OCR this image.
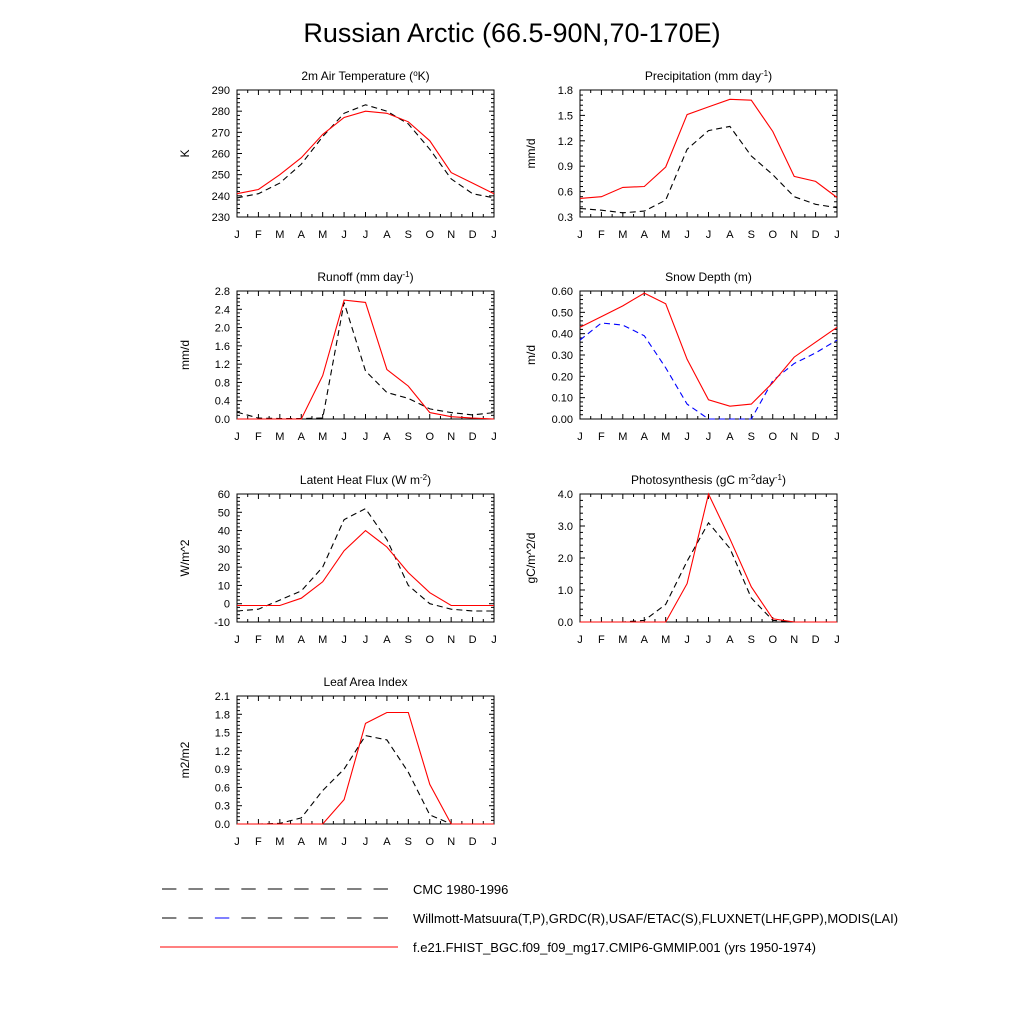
Russian Arctic (66.5-90N,70-170E)
2m Air Temperature ($^o$K)
J F M A M J J A S O N D J
290
280
270
260
250
240
230
K
Precipitation (mm day$^{-1}$)
J F M A M J J A S O N D J
1.8
1.5
1.2
0.9
0.6
0.3
mm/d
Runoff (mm day$^{-1}$)
J F M A M J J A S O N D J
2.8
2.4
2.0
1.6
1.2
0.8
0.4
0.0
mm/d
Snow Depth (m)
J F M A M J J A S O N D J
0.60
0.50
0.40
0.30
0.20
0.10
0.00
m/d
Latent Heat Flux (W $m^{-2}$)
J F M A M J J A S O N D J
60
50
40
30
20
10
0
-10
W/m^2
Photosynthesis (gC $m^{-2}day^{-1}$)
J F M A M J J A S O N D J
4.0
3.0
2.0
1.0
0.0
gC/m^2/d
Leaf Area Index
J F M A M J J A S O N D J
2.1
1.8
1.5
1.2
0.9
0.6
0.3
0.0
m2/m2
CMC 1980-1996
Willmott-Matsuura(T,P),GRDC(R),USAF/ETAC(S),FLUXNET(LHF,GPP),MODIS(LAI)
f.e21.FHIST_BGC.f09_f09_mg17.CMIP6-GMMIP.001 (yrs 1950-1974)
